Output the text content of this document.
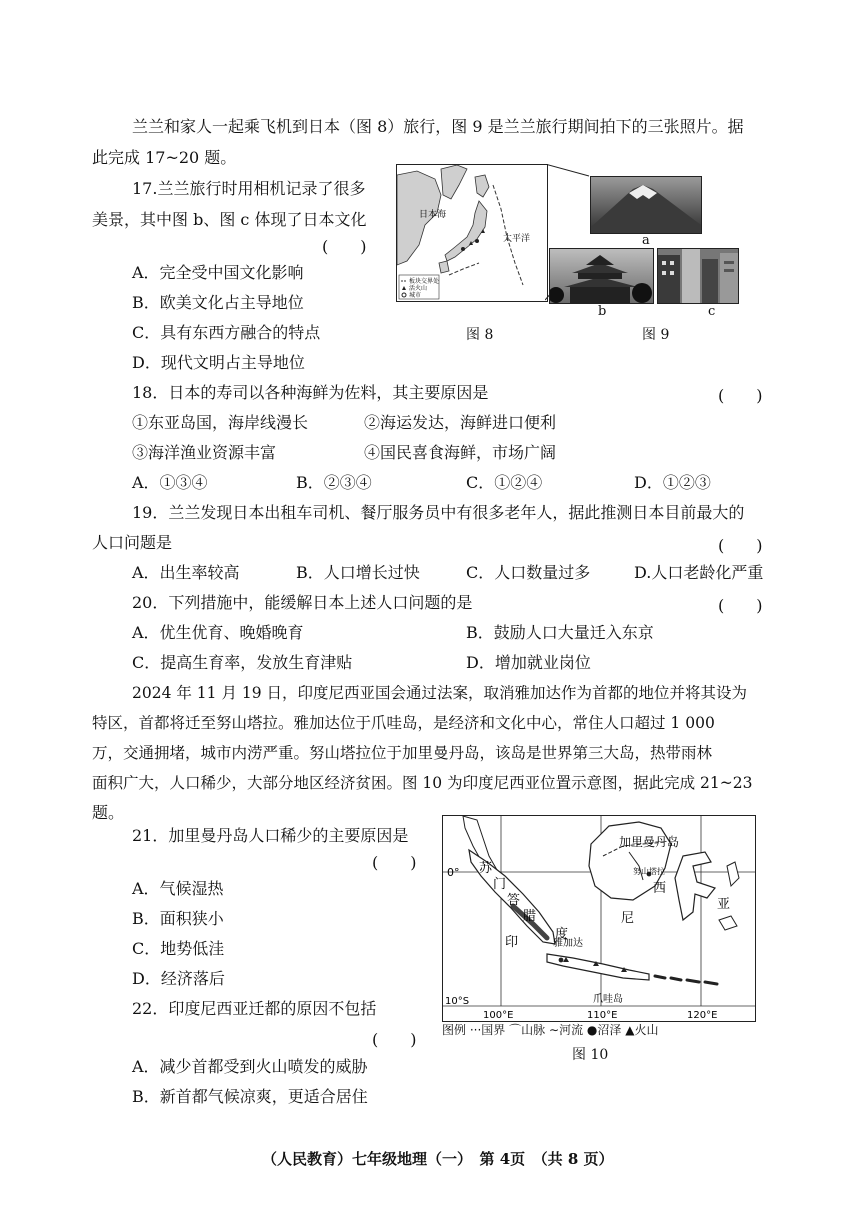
兰兰和家人一起乘飞机到日本（图 8）旅行，图 9 是兰兰旅行期间拍下的三张照片。据
此完成 17~20 题。
17.兰兰旅行时用相机记录了很多
美景，其中图 b、图 c 体现了日本文化
(　　)
A．完全受中国文化影响
B．欧美文化占主导地位
C．具有东西方融合的特点
D．现代文明占主导地位
日本海
太平洋
板块交界处
活火山
城市
图 8
a
b	c
图 9
18．日本的寿司以各种海鲜为佐料，其主要原因是	(　　)
①东亚岛国，海岸线漫长	②海运发达，海鲜进口便利
③海洋渔业资源丰富	④国民喜食海鲜，市场广阔
A．①③④	B．②③④	C．①②④	D．①②③
19．兰兰发现日本出租车司机、餐厅服务员中有很多老年人，据此推测日本目前最大的
人口问题是	(　　)
A．出生率较高	B．人口增长过快	C．人口数量过多	D.人口老龄化严重
20．下列措施中，能缓解日本上述人口问题的是	(　　)
A．优生优育、晚婚晚育	B．鼓励人口大量迁入东京
C．提高生育率，发放生育津贴	D．增加就业岗位
2024 年 11 月 19 日，印度尼西亚国会通过法案，取消雅加达作为首都的地位并将其设为
特区，首都将迁至努山塔拉。雅加达位于爪哇岛，是经济和文化中心，常住人口超过 1 000
万，交通拥堵，城市内涝严重。努山塔拉位于加里曼丹岛，该岛是世界第三大岛，热带雨林
面积广大，人口稀少，大部分地区经济贫困。图 10 为印度尼西亚位置示意图，据此完成 21~23
题。
21．加里曼丹岛人口稀少的主要原因是
(　　)
A．气候湿热
B．面积狭小
C．地势低洼
D．经济落后
22．印度尼西亚迁都的原因不包括
(　　)
A．减少首都受到火山喷发的威胁
B．新首都气候凉爽，更适合居住
加里曼丹岛
努山塔拉
雅加达
爪哇岛
苏
门
答
腊
印
度
尼
西
亚
0°
10°S
100°E	110°E	120°E
图例 ···国界 ⌒山脉 ∼河流 ●沼泽 ▲火山
图 10
（人民教育）七年级地理（一）　第 4页　（共 8 页）
